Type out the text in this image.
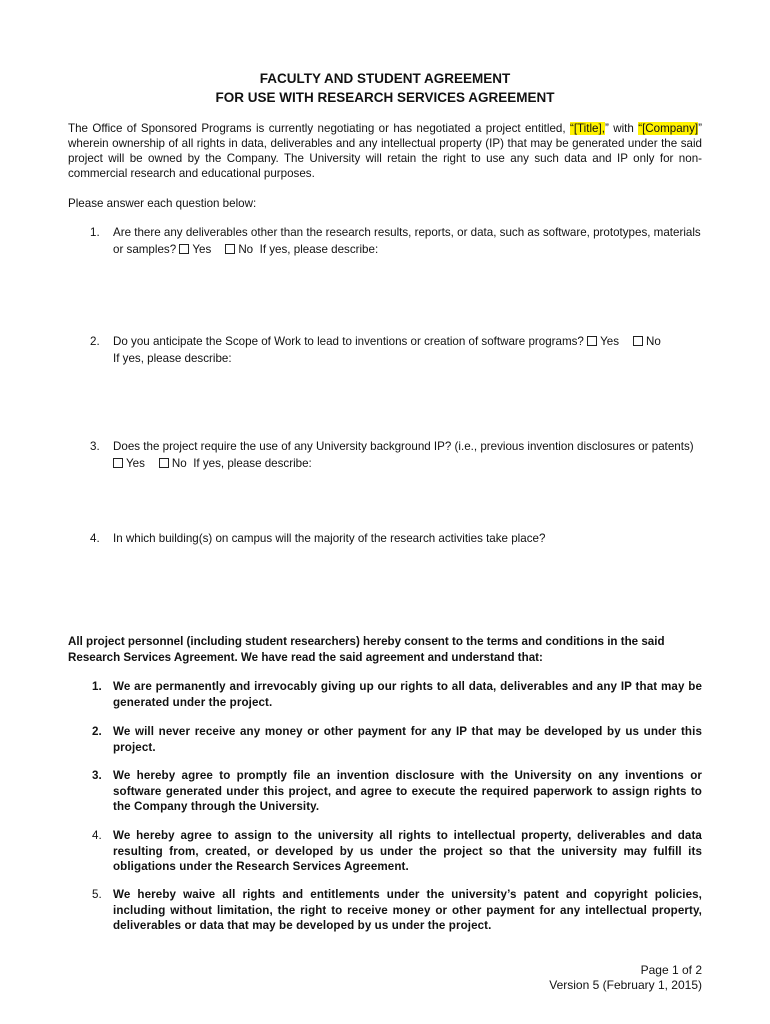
FACULTY AND STUDENT AGREEMENT
FOR USE WITH RESEARCH SERVICES AGREEMENT

The Office of Sponsored Programs is currently negotiating or has negotiated a project entitled, “[Title],” with “[Company]” wherein ownership of all rights in data, deliverables and any intellectual property (IP) that may be generated under the said project will be owned by the Company. The University will retain the right to use any such data and IP only for non-commercial research and educational purposes.

Please answer each question below:

1. Are there any deliverables other than the research results, reports, or data, such as software, prototypes, materials or samples? Yes No If yes, please describe:
2. Do you anticipate the Scope of Work to lead to inventions or creation of software programs? Yes No
If yes, please describe:
3. Does the project require the use of any University background IP? (i.e., previous invention disclosures or patents) Yes No If yes, please describe:
4. In which building(s) on campus will the majority of the research activities take place?

All project personnel (including student researchers) hereby consent to the terms and conditions in the said Research Services Agreement. We have read the said agreement and understand that:

1. We are permanently and irrevocably giving up our rights to all data, deliverables and any IP that may be generated under the project.
2. We will never receive any money or other payment for any IP that may be developed by us under this project.
3. We hereby agree to promptly file an invention disclosure with the University on any inventions or software generated under this project, and agree to execute the required paperwork to assign rights to the Company through the University.
4. We hereby agree to assign to the university all rights to intellectual property, deliverables and data resulting from, created, or developed by us under the project so that the university may fulfill its obligations under the Research Services Agreement.
5. We hereby waive all rights and entitlements under the university’s patent and copyright policies, including without limitation, the right to receive money or other payment for any intellectual property, deliverables or data that may be developed by us under the project.
Page 1 of 2
Version 5 (February 1, 2015)
